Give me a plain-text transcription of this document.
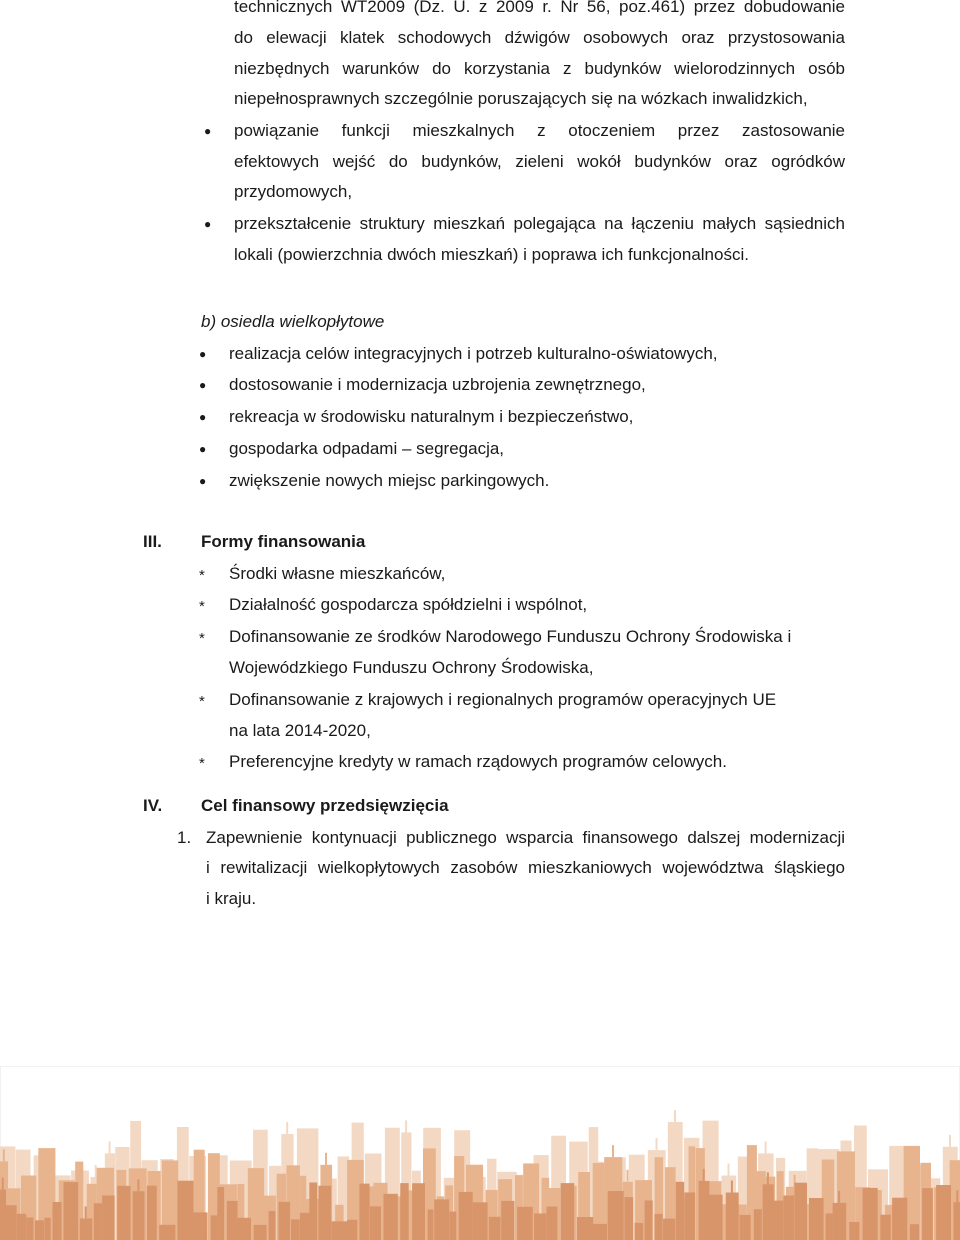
technicznych WT2009 (Dz. U. z 2009 r. Nr 56, poz.461) przez dobudowanie
do elewacji klatek schodowych dźwigów osobowych oraz przystosowania
niezbędnych warunków do korzystania z budynków wielorodzinnych osób
niepełnosprawnych szczególnie poruszających się na wózkach inwalidzkich,
● powiązanie funkcji mieszkalnych z otoczeniem przez zastosowanie
efektowych wejść do budynków, zieleni wokół budynków oraz ogródków
przydomowych,
● przekształcenie struktury mieszkań polegająca na łączeniu małych sąsiednich
lokali (powierzchnia dwóch mieszkań) i poprawa ich funkcjonalności.
b) osiedla wielkopłytowe
● realizacja celów integracyjnych i potrzeb kulturalno-oświatowych,
● dostosowanie i modernizacja uzbrojenia zewnętrznego,
● rekreacja w środowisku naturalnym i bezpieczeństwo,
● gospodarka odpadami – segregacja,
● zwiększenie nowych miejsc parkingowych.
III. Formy finansowania
* Środki własne mieszkańców,
* Działalność gospodarcza spółdzielni i wspólnot,
* Dofinansowanie ze środków Narodowego Funduszu Ochrony Środowiska i
Wojewódzkiego Funduszu Ochrony Środowiska,
* Dofinansowanie z krajowych i regionalnych programów operacyjnych UE
na lata 2014-2020,
* Preferencyjne kredyty w ramach rządowych programów celowych.
IV. Cel finansowy przedsięwzięcia
1. Zapewnienie kontynuacji publicznego wsparcia finansowego dalszej modernizacji
i rewitalizacji wielkopłytowych zasobów mieszkaniowych województwa śląskiego
i kraju.
